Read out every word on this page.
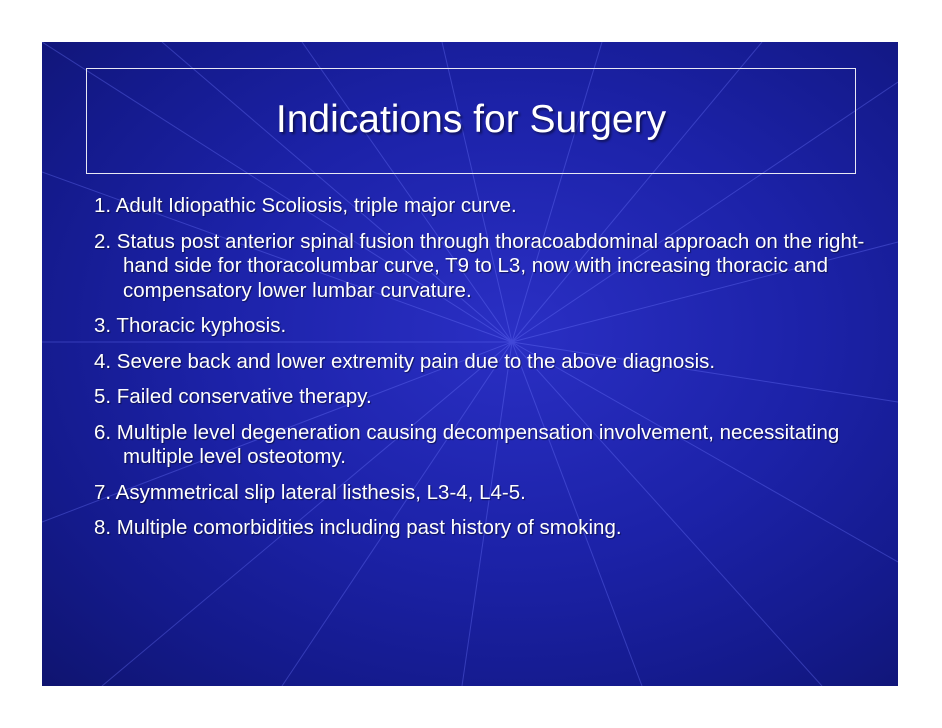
Indications for Surgery
1. Adult Idiopathic Scoliosis, triple major curve.
2. Status post anterior spinal fusion through thoracoabdominal approach on the right-hand side for thoracolumbar curve, T9 to L3, now with increasing thoracic and compensatory lower lumbar curvature.
3. Thoracic kyphosis.
4. Severe back and lower extremity pain due to the above diagnosis.
5. Failed conservative therapy.
6. Multiple level degeneration causing decompensation involvement, necessitating multiple level osteotomy.
7. Asymmetrical slip lateral listhesis, L3-4, L4-5.
8. Multiple comorbidities including past history of smoking.
